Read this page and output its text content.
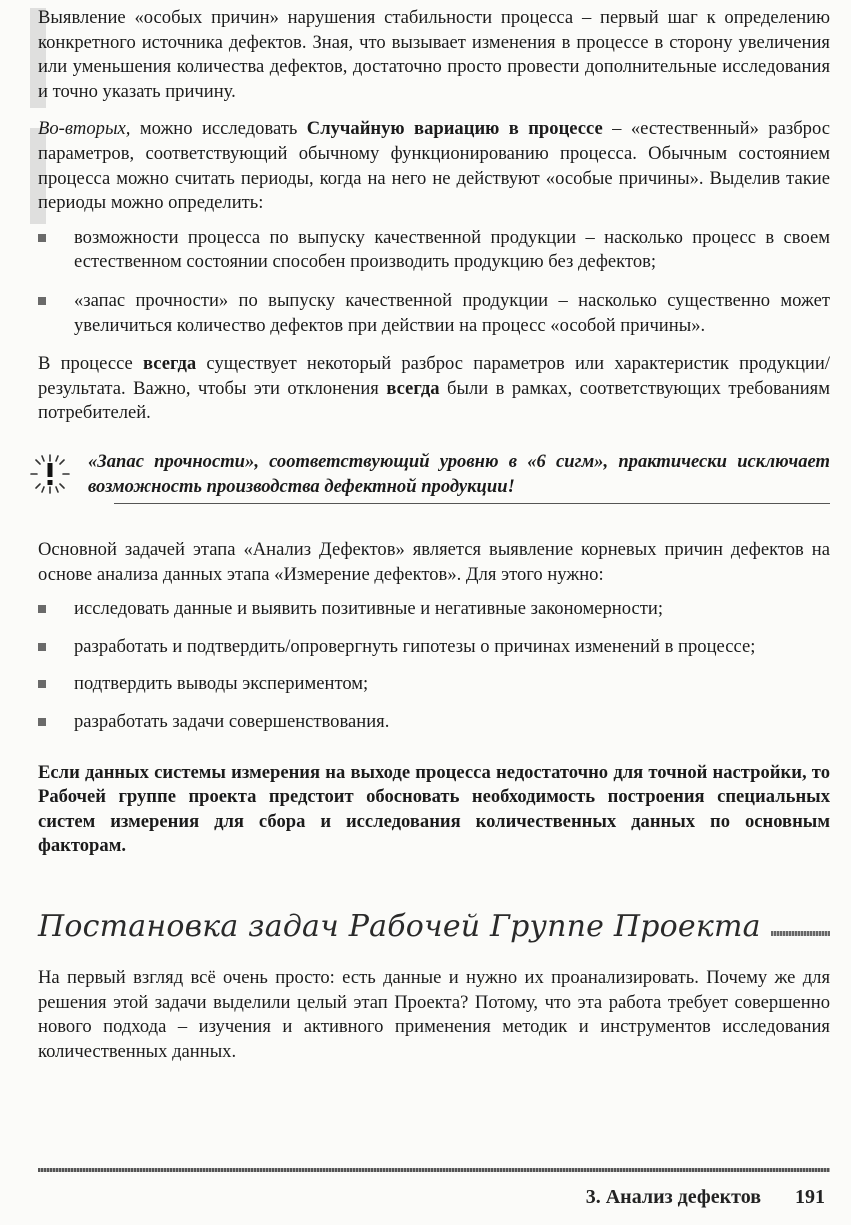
Выявление «особых причин» нарушения стабильности процесса – первый шаг к определению конкретного источника дефектов. Зная, что вызывает изменения в процессе в сторону увеличения или уменьшения количества дефектов, достаточно просто провести дополнительные исследования и точно указать причину.

Во-вторых, можно исследовать Случайную вариацию в процессе – «естественный» разброс параметров, соответствующий обычному функционированию процесса. Обычным состоянием процесса можно считать периоды, когда на него не действуют «особые причины». Выделив такие периоды можно определить:

возможности процесса по выпуску качественной продукции – насколько процесс в своем естественном состоянии способен производить продукцию без дефектов;
«запас прочности» по выпуску качественной продукции – насколько существенно может увеличиться количество дефектов при действии на процесс «особой причины».

В процессе всегда существует некоторый разброс параметров или характеристик продукции/результата. Важно, чтобы эти отклонения всегда были в рамках, соответствующих требованиям потребителей.

«Запас прочности», соответствующий уровню в «6 сигм», практически исключает возможность производства дефектной продукции!

Основной задачей этапа «Анализ Дефектов» является выявление корневых причин дефектов на основе анализа данных этапа «Измерение дефектов». Для этого нужно:

исследовать данные и выявить позитивные и негативные закономерности;
разработать и подтвердить/опровергнуть гипотезы о причинах изменений в процессе;
подтвердить выводы экспериментом;
разработать задачи совершенствования.

Если данных системы измерения на выходе процесса недостаточно для точной настройки, то Рабочей группе проекта предстоит обосновать необходимость построения специальных систем измерения для сбора и исследования количественных данных по основным факторам.

Постановка задач Рабочей Группе Проекта

На первый взгляд всё очень просто: есть данные и нужно их проанализировать. Почему же для решения этой задачи выделили целый этап Проекта? Потому, что эта работа требует совершенно нового подхода – изучения и активного применения методик и инструментов исследования количественных данных.

3. Анализ дефектов 191
